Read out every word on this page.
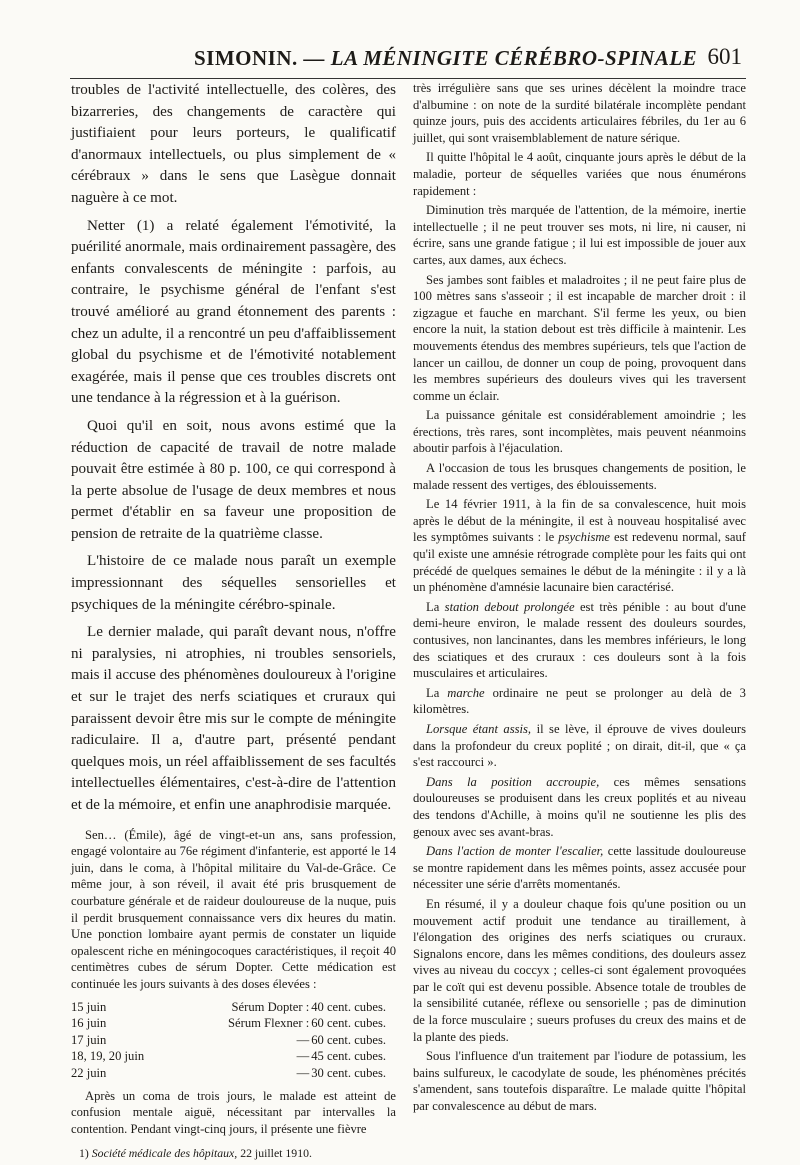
SIMONIN. — LA MÉNINGITE CÉRÉBRO-SPINALE 601

troubles de l'activité intellectuelle, des colères, des bizarreries, des changements de caractère qui justifiaient pour leurs porteurs, le qualificatif d'anormaux intellectuels, ou plus simplement de « cérébraux » dans le sens que Lasègue donnait naguère à ce mot.

Netter (1) a relaté également l'émotivité, la puérilité anormale, mais ordinairement passagère, des enfants convalescents de méningite : parfois, au contraire, le psychisme général de l'enfant s'est trouvé amélioré au grand étonnement des parents : chez un adulte, il a rencontré un peu d'affaiblissement global du psychisme et de l'émotivité notablement exagérée, mais il pense que ces troubles discrets ont une tendance à la régression et à la guérison.

Quoi qu'il en soit, nous avons estimé que la réduction de capacité de travail de notre malade pouvait être estimée à 80 p. 100, ce qui correspond à la perte absolue de l'usage de deux membres et nous permet d'établir en sa faveur une proposition de pension de retraite de la quatrième classe.

L'histoire de ce malade nous paraît un exemple impressionnant des séquelles sensorielles et psychiques de la méningite cérébro-spinale.

Le dernier malade, qui paraît devant nous, n'offre ni paralysies, ni atrophies, ni troubles sensoriels, mais il accuse des phénomènes douloureux à l'origine et sur le trajet des nerfs sciatiques et cruraux qui paraissent devoir être mis sur le compte de méningite radiculaire. Il a, d'autre part, présenté pendant quelques mois, un réel affaiblissement de ses facultés intellectuelles élémentaires, c'est-à-dire de l'attention et de la mémoire, et enfin une anaphrodisie marquée.

Sen… (Émile), âgé de vingt-et-un ans, sans profession, engagé volontaire au 76e régiment d'infanterie, est apporté le 14 juin, dans le coma, à l'hôpital militaire du Val-de-Grâce. Ce même jour, à son réveil, il avait été pris brusquement de courbature générale et de raideur douloureuse de la nuque, puis il perdit brusquement connaissance vers dix heures du matin. Une ponction lombaire ayant permis de constater un liquide opalescent riche en méningocoques caractéristiques, il reçoit 40 centimètres cubes de sérum Dopter. Cette médication est continuée les jours suivants à des doses élevées :

15 juin	Sérum Dopter :	40 cent. cubes.
16 juin	Sérum Flexner :	60 cent. cubes.
17 juin	—	60 cent. cubes.
18, 19, 20 juin	—	45 cent. cubes.
22 juin	—	30 cent. cubes.

Après un coma de trois jours, le malade est atteint de confusion mentale aiguë, nécessitant par intervalles la contention. Pendant vingt-cinq jours, il présente une fièvre

1) Société médicale des hôpitaux, 22 juillet 1910.

très irrégulière sans que ses urines décèlent la moindre trace d'albumine : on note de la surdité bilatérale incomplète pendant quinze jours, puis des accidents articulaires fébriles, du 1er au 6 juillet, qui sont vraisemblablement de nature sérique.

Il quitte l'hôpital le 4 août, cinquante jours après le début de la maladie, porteur de séquelles variées que nous énumérons rapidement :

Diminution très marquée de l'attention, de la mémoire, inertie intellectuelle ; il ne peut trouver ses mots, ni lire, ni causer, ni écrire, sans une grande fatigue ; il lui est impossible de jouer aux cartes, aux dames, aux échecs.

Ses jambes sont faibles et maladroites ; il ne peut faire plus de 100 mètres sans s'asseoir ; il est incapable de marcher droit : il zigzague et fauche en marchant. S'il ferme les yeux, ou bien encore la nuit, la station debout est très difficile à maintenir. Les mouvements étendus des membres supérieurs, tels que l'action de lancer un caillou, de donner un coup de poing, provoquent dans les membres supérieurs des douleurs vives qui les traversent comme un éclair.

La puissance génitale est considérablement amoindrie ; les érections, très rares, sont incomplètes, mais peuvent néanmoins aboutir parfois à l'éjaculation.

A l'occasion de tous les brusques changements de position, le malade ressent des vertiges, des éblouissements.

Le 14 février 1911, à la fin de sa convalescence, huit mois après le début de la méningite, il est à nouveau hospitalisé avec les symptômes suivants : le psychisme est redevenu normal, sauf qu'il existe une amnésie rétrograde complète pour les faits qui ont précédé de quelques semaines le début de la méningite : il y a là un phénomène d'amnésie lacunaire bien caractérisé.

La station debout prolongée est très pénible : au bout d'une demi-heure environ, le malade ressent des douleurs sourdes, contusives, non lancinantes, dans les membres inférieurs, le long des sciatiques et des cruraux : ces douleurs sont à la fois musculaires et articulaires.

La marche ordinaire ne peut se prolonger au delà de 3 kilomètres.

Lorsque étant assis, il se lève, il éprouve de vives douleurs dans la profondeur du creux poplité ; on dirait, dit-il, que « ça s'est raccourci ».

Dans la position accroupie, ces mêmes sensations douloureuses se produisent dans les creux poplités et au niveau des tendons d'Achille, à moins qu'il ne soutienne les plis des genoux avec ses avant-bras.

Dans l'action de monter l'escalier, cette lassitude douloureuse se montre rapidement dans les mêmes points, assez accusée pour nécessiter une série d'arrêts momentanés.

En résumé, il y a douleur chaque fois qu'une position ou un mouvement actif produit une tendance au tiraillement, à l'élongation des origines des nerfs sciatiques ou cruraux. Signalons encore, dans les mêmes conditions, des douleurs assez vives au niveau du coccyx ; celles-ci sont également provoquées par le coït qui est devenu possible. Absence totale de troubles de la sensibilité cutanée, réflexe ou sensorielle ; pas de diminution de la force musculaire ; sueurs profuses du creux des mains et de la plante des pieds.

Sous l'influence d'un traitement par l'iodure de potassium, les bains sulfureux, le cacodylate de soude, les phénomènes précités s'amendent, sans toutefois disparaître. Le malade quitte l'hôpital par convalescence au début de mars.
